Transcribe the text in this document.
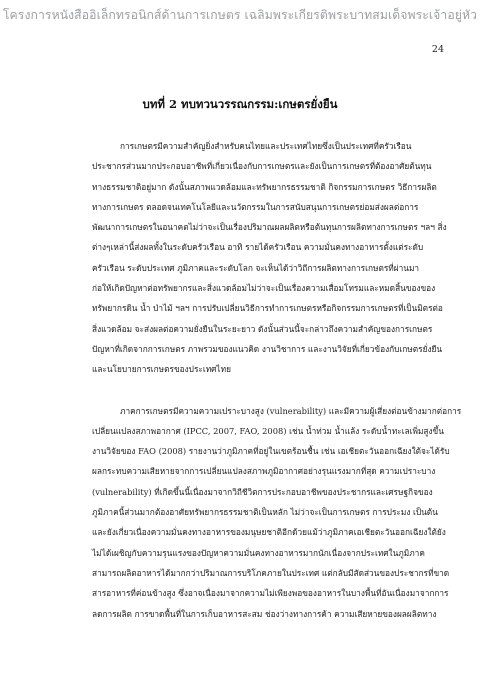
โครงการหนังสืออิเล็กทรอนิกส์ด้านการเกษตร เฉลิมพระเกียรติพระบาทสมเด็จพระเจ้าอยู่หัว
24
บทที่ 2 ทบทวนวรรณกรรม:เกษตรยั่งยืน
การเกษตรมีความสำคัญยิ่งสำหรับคนไทยและประเทศไทยซึ่งเป็นประเทศที่ครัวเรือน
ประชากรส่วนมากประกอบอาชีพที่เกี่ยวเนื่องกับการเกษตรและยังเป็นการเกษตรที่ต้องอาศัยต้นทุน
ทางธรรมชาติอยู่มาก ดังนั้นสภาพแวดล้อมและทรัพยากรธรรมชาติ กิจกรรมการเกษตร วิธีการผลิต
ทางการเกษตร ตลอดจนเทคโนโลยีและนวัตกรรมในการสนับสนุนการเกษตรย่อมส่งผลต่อการ
พัฒนาการเกษตรในอนาคตไม่ว่าจะเป็นเรื่องปริมาณผลผลิตหรือต้นทุนการผลิตทางการเกษตร ฯลฯ สิ่ง
ต่างๆเหล่านี้ส่งผลทั้งในระดับครัวเรือน อาทิ รายได้ครัวเรือน ความมั่นคงทางอาหารตั้งแต่ระดับ
ครัวเรือน ระดับประเทศ ภูมิภาคและระดับโลก จะเห็นได้ว่าวิถีการผลิตทางการเกษตรที่ผ่านมา
ก่อให้เกิดปัญหาต่อทรัพยากรและสิ่งแวดล้อมไม่ว่าจะเป็นเรื่องความเสื่อมโทรมและหมดสิ้นของของ
ทรัพยากรดิน น้ำ ป่าไม้ ฯลฯ การปรับเปลี่ยนวิธีการทำการเกษตรหรือกิจกรรมการเกษตรที่เป็นมิตรต่อ
สิ่งแวดล้อม จะส่งผลต่อความยั่งยืนในระยะยาว ดังนั้นส่วนนี้จะกล่าวถึงความสำคัญของการเกษตร
ปัญหาที่เกิดจากการเกษตร ภาพรวมของแนวคิด งานวิชาการ และงานวิจัยที่เกี่ยวข้องกับเกษตรยั่งยืน
และนโยบายการเกษตรของประเทศไทย
ภาคการเกษตรมีความความเปราะบางสูง (vulnerability) และมีความผู้เสี่ยงต่อนข้างมากต่อการ
เปลี่ยนแปลงสภาพอากาศ (IPCC, 2007, FAO, 2008) เช่น น้ำท่วม น้ำแล้ง ระดับน้ำทะเลเพิ่มสูงขึ้น
งานวิจัยของ FAO (2008) รายงานว่าภูมิภาคที่อยู่ในเขตร้อนชื้น เช่น เอเชียตะวันออกเฉียงใต้จะได้รับ
ผลกระทบความเสียหายจากการเปลี่ยนแปลงสภาพภูมิอากาศอย่างรุนแรงมากที่สุด ความเปราะบาง
(vulnerability) ที่เกิดขึ้นนี้เนื่องมาจากวิถีชีวิตการประกอบอาชีพของประชากรและเศรษฐกิจของ
ภูมิภาคนี้ส่วนมากต้องอาศัยทรัพยากรธรรมชาติเป็นหลัก ไม่ว่าจะเป็นการเกษตร การประมง เป็นต้น
และยังเกี่ยวเนื่องความมั่นคงทางอาหารของมนุษยชาติอีกด้วยแม้ว่าภูมิภาคเอเชียตะวันออกเฉียงใต้ยัง
ไม่ได้เผชิญกับความรุนแรงของปัญหาความมั่นคงทางอาหารมากนักเนื่องจากประเทศในภูมิภาค
สามารถผลิตอาหารได้มากกว่าปริมาณการบริโภคภายในประเทศ แต่กลับมีสัดส่วนของประชากรที่ขาด
สารอาหารที่ค่อนข้างสูง ซึ่งอาจเนื่องมาจากความไม่เพียงพอของอาหารในบางพื้นที่อันเนื่องมาจากการ
ลดการผลิต การขาดพื้นที่ในการเก็บอาหารสะสม ช่องว่างทางการค้า ความเสียหายของผลผลิตทาง
